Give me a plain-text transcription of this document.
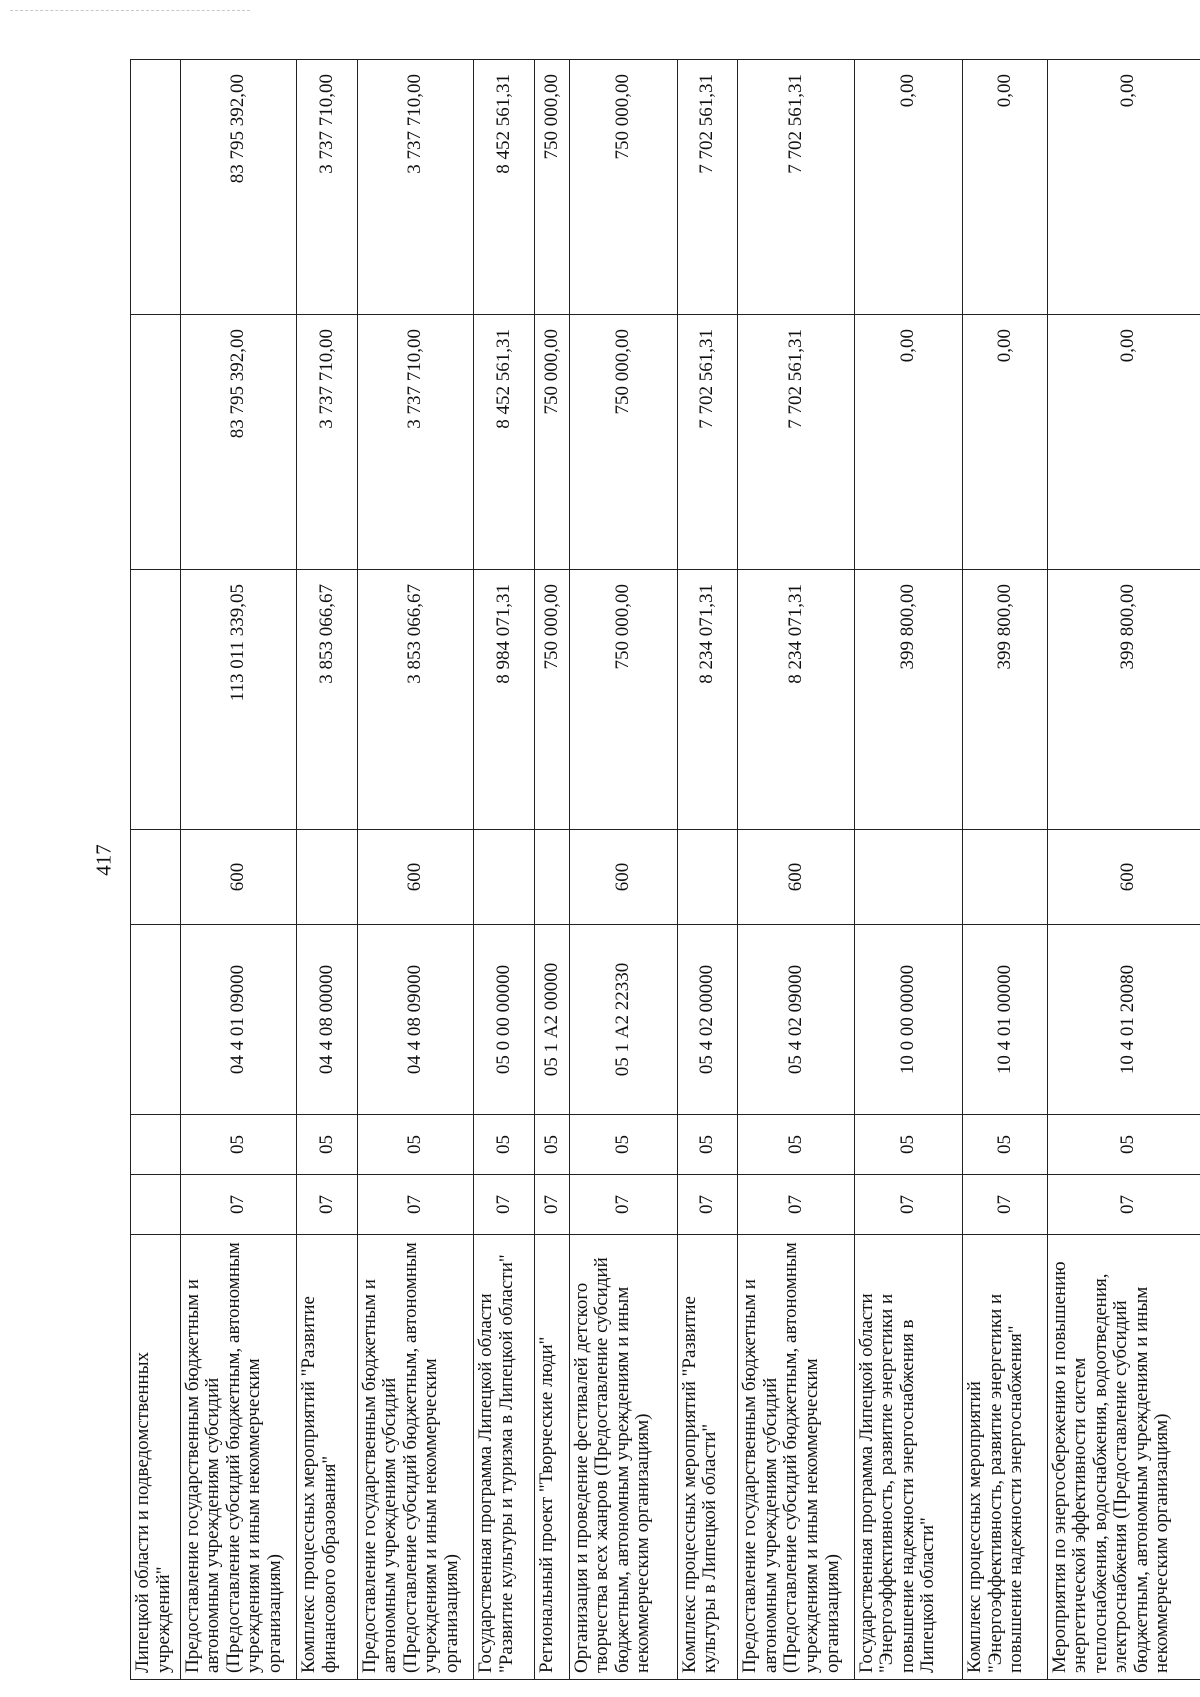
417
Липецкой области и подведомственных учреждений"							
Предоставление государственным бюджетным и автономным учреждениям субсидий (Предоставление субсидий бюджетным, автономным учреждениям и иным некоммерческим организациям)	07	05	04 4 01 09000	600	113 011 339,05	83 795 392,00	83 795 392,00
Комплекс процессных мероприятий "Развитие финансового образования"	07	05	04 4 08 00000		3 853 066,67	3 737 710,00	3 737 710,00
Предоставление государственным бюджетным и автономным учреждениям субсидий (Предоставление субсидий бюджетным, автономным учреждениям и иным некоммерческим организациям)	07	05	04 4 08 09000	600	3 853 066,67	3 737 710,00	3 737 710,00
Государственная программа Липецкой области "Развитие культуры и туризма в Липецкой области"	07	05	05 0 00 00000		8 984 071,31	8 452 561,31	8 452 561,31
Региональный проект "Творческие люди"	07	05	05 1 А2 00000		750 000,00	750 000,00	750 000,00
Организация и проведение фестивалей детского творчества всех жанров (Предоставление субсидий бюджетным, автономным учреждениям и иным некоммерческим организациям)	07	05	05 1 А2 22330	600	750 000,00	750 000,00	750 000,00
Комплекс процессных мероприятий "Развитие культуры в Липецкой области"	07	05	05 4 02 00000		8 234 071,31	7 702 561,31	7 702 561,31
Предоставление государственным бюджетным и автономным учреждениям субсидий (Предоставление субсидий бюджетным, автономным учреждениям и иным некоммерческим организациям)	07	05	05 4 02 09000	600	8 234 071,31	7 702 561,31	7 702 561,31
Государственная программа Липецкой области "Энергоэффективность, развитие энергетики и повышение надежности энергоснабжения в Липецкой области"	07	05	10 0 00 00000		399 800,00	0,00	0,00
Комплекс процессных мероприятий "Энергоэффективность, развитие энергетики и повышение надежности энергоснабжения"	07	05	10 4 01 00000		399 800,00	0,00	0,00
Мероприятия по энергосбережению и повышению энергетической эффективности систем теплоснабжения, водоснабжения, водоотведения, электроснабжения (Предоставление субсидий бюджетным, автономным учреждениям и иным некоммерческим организациям)	07	05	10 4 01 20080	600	399 800,00	0,00	0,00
